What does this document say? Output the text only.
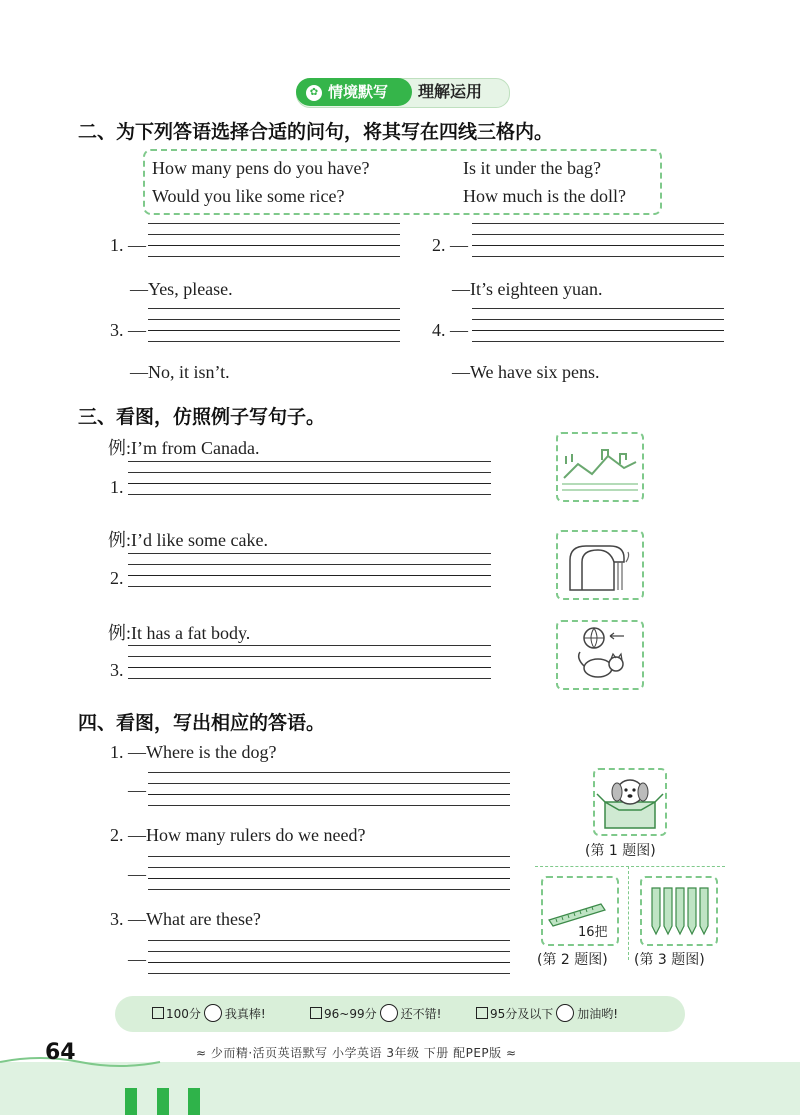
✿ 情境默写	理解运用
二、为下列答语选择合适的问句，将其写在四线三格内。
How many pens do you have?	Is it under the bag?
Would you like some rice?	How much is the doll?
1. —
—Yes, please.
2. —
—It’s eighteen yuan.
3. —
—No, it isn’t.
4. —
—We have six pens.
三、看图，仿照例子写句子。
例:I’m from Canada.
1.
例:I’d like some cake.
2.
例:It has a fat body.
3.
四、看图，写出相应的答语。
1. —Where is the dog?
—
2. —How many rulers do we need?
—
3. —What are these?
—
(第 1 题图)
16把
(第 2 题图) (第 3 题图)
100分 我真棒!	96~99分 还不错!	95分及以下 加油哟!
64	≈ 少而精·活页英语默写 小学英语 3年级 下册 配PEP版 ≈
